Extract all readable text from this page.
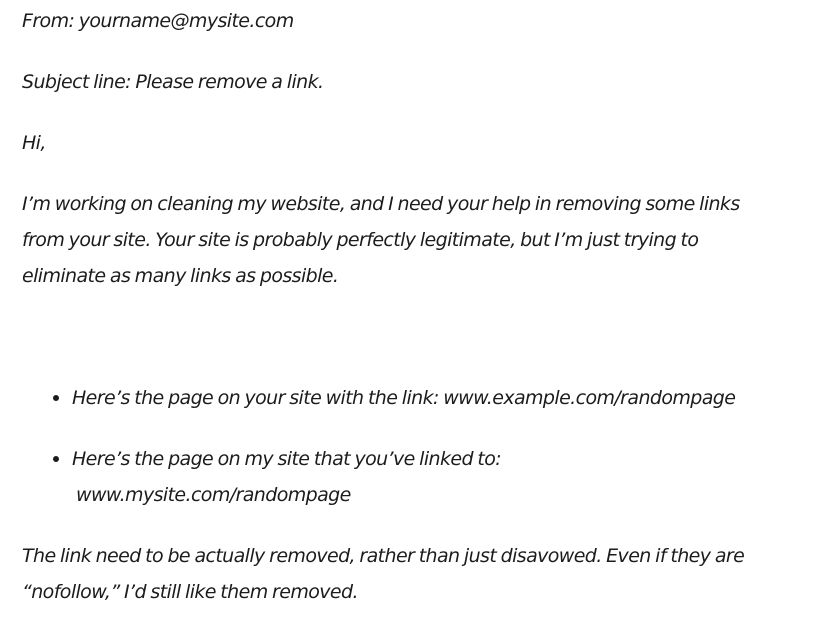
From: yourname@mysite.com

Subject line: Please remove a link.

Hi,

I’m working on cleaning my website, and I need your help in removing some links
from your site. Your site is probably perfectly legitimate, but I’m just trying to
eliminate as many links as possible.
Here’s the page on your site with the link: www.example.com/randompage
Here’s the page on my site that you’ve linked to:
www.mysite.com/randompage
The link need to be actually removed, rather than just disavowed. Even if they are
“nofollow,” I’d still like them removed.
